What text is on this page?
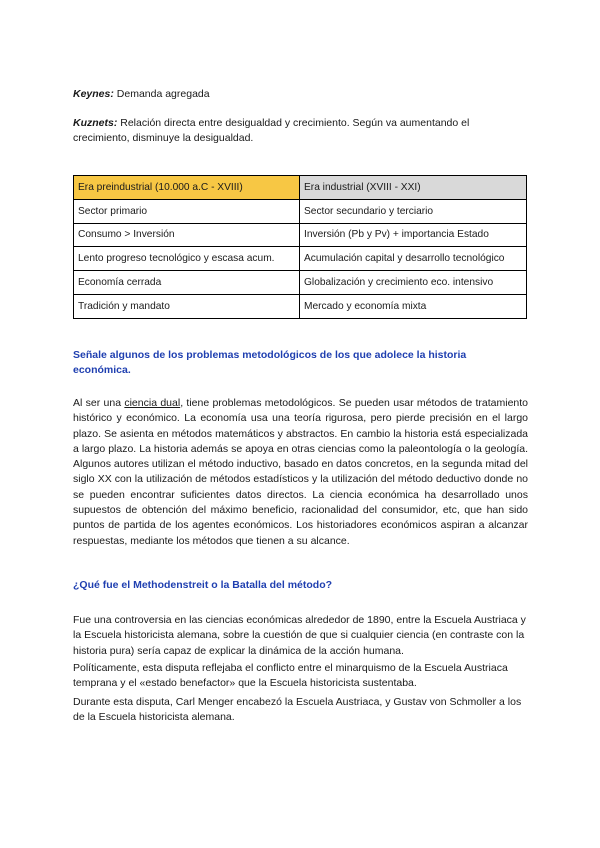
Keynes: Demanda agregada
Kuznets: Relación directa entre desigualdad y crecimiento. Según va aumentando el
crecimiento, disminuye la desigualdad.
Era preindustrial (10.000 a.C - XVIII)	Era industrial (XVIII - XXI)
Sector primario	Sector secundario y terciario
Consumo > Inversión	Inversión (Pb y Pv) + importancia Estado
Lento progreso tecnológico y escasa acum.	Acumulación capital y desarrollo tecnológico
Economía cerrada	Globalización y crecimiento eco. intensivo
Tradición y mandato	Mercado y economía mixta
Señale algunos de los problemas metodológicos de los que adolece la historia económica.
Al ser una ciencia dual, tiene problemas metodológicos. Se pueden usar métodos de tratamiento histórico y económico. La economía usa una teoría rigurosa, pero pierde precisión en el largo plazo. Se asienta en métodos matemáticos y abstractos. En cambio la historia está especializada a largo plazo. La historia además se apoya en otras ciencias como la paleontología o la geología. Algunos autores utilizan el método inductivo, basado en datos concretos, en la segunda mitad del siglo XX con la utilización de métodos estadísticos y la utilización del método deductivo donde no se pueden encontrar suficientes datos directos. La ciencia económica ha desarrollado unos supuestos de obtención del máximo beneficio, racionalidad del consumidor, etc, que han sido puntos de partida de los agentes económicos. Los historiadores económicos aspiran a alcanzar respuestas, mediante los métodos que tienen a su alcance.
¿Qué fue el Methodenstreit o la Batalla del método?
Fue una controversia en las ciencias económicas alrededor de 1890, entre la Escuela Austriaca y la Escuela historicista alemana, sobre la cuestión de que si cualquier ciencia (en contraste con la historia pura) sería capaz de explicar la dinámica de la acción humana.
Políticamente, esta disputa reflejaba el conflicto entre el minarquismo de la Escuela Austriaca temprana y el «estado benefactor» que la Escuela historicista sustentaba.
Durante esta disputa, Carl Menger encabezó la Escuela Austriaca, y Gustav von Schmoller a los de la Escuela historicista alemana.
